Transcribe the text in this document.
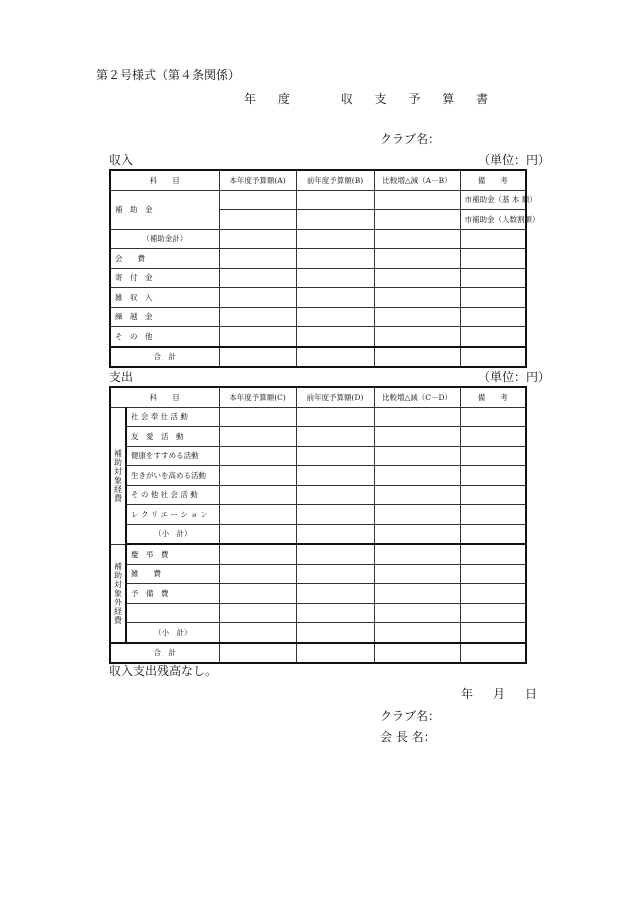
第２号様式（第４条関係）
年 度　　収 支 予 算 書
クラブ名：
収入	（単位：円）
科　　目	本年度予算額(A)	前年度予算額(B)	比較増△減（A－B）	備　　考
補　助　金				市補助金（基 本 額）
				市補助金（人数割額）
（補助金計）				
会　　費				
寄　付　金				
雑　収　入				
繰　越　金				
そ　の　他				
合　計				
支出	（単位：円）
科　　目		本年度予算額(C)	前年度予算額(D)	比較増△減（C－D）	備　　考
補助対象経費	社 会 奉 仕 活 動				
	友　愛　活　動				
	健康をすすめる活動				
	生きがいを高める活動				
	そ の 他 社 会 活 動				
	レ ク リ エ ー シ ョ ン				
	（小　計）				
補助対象外経費	慶　弔　費				
	雑　　費				
	予　備　費				

	（小　計）				
合　計					
収入支出残高なし。
年 月 日
クラブ名：
会 長 名：
